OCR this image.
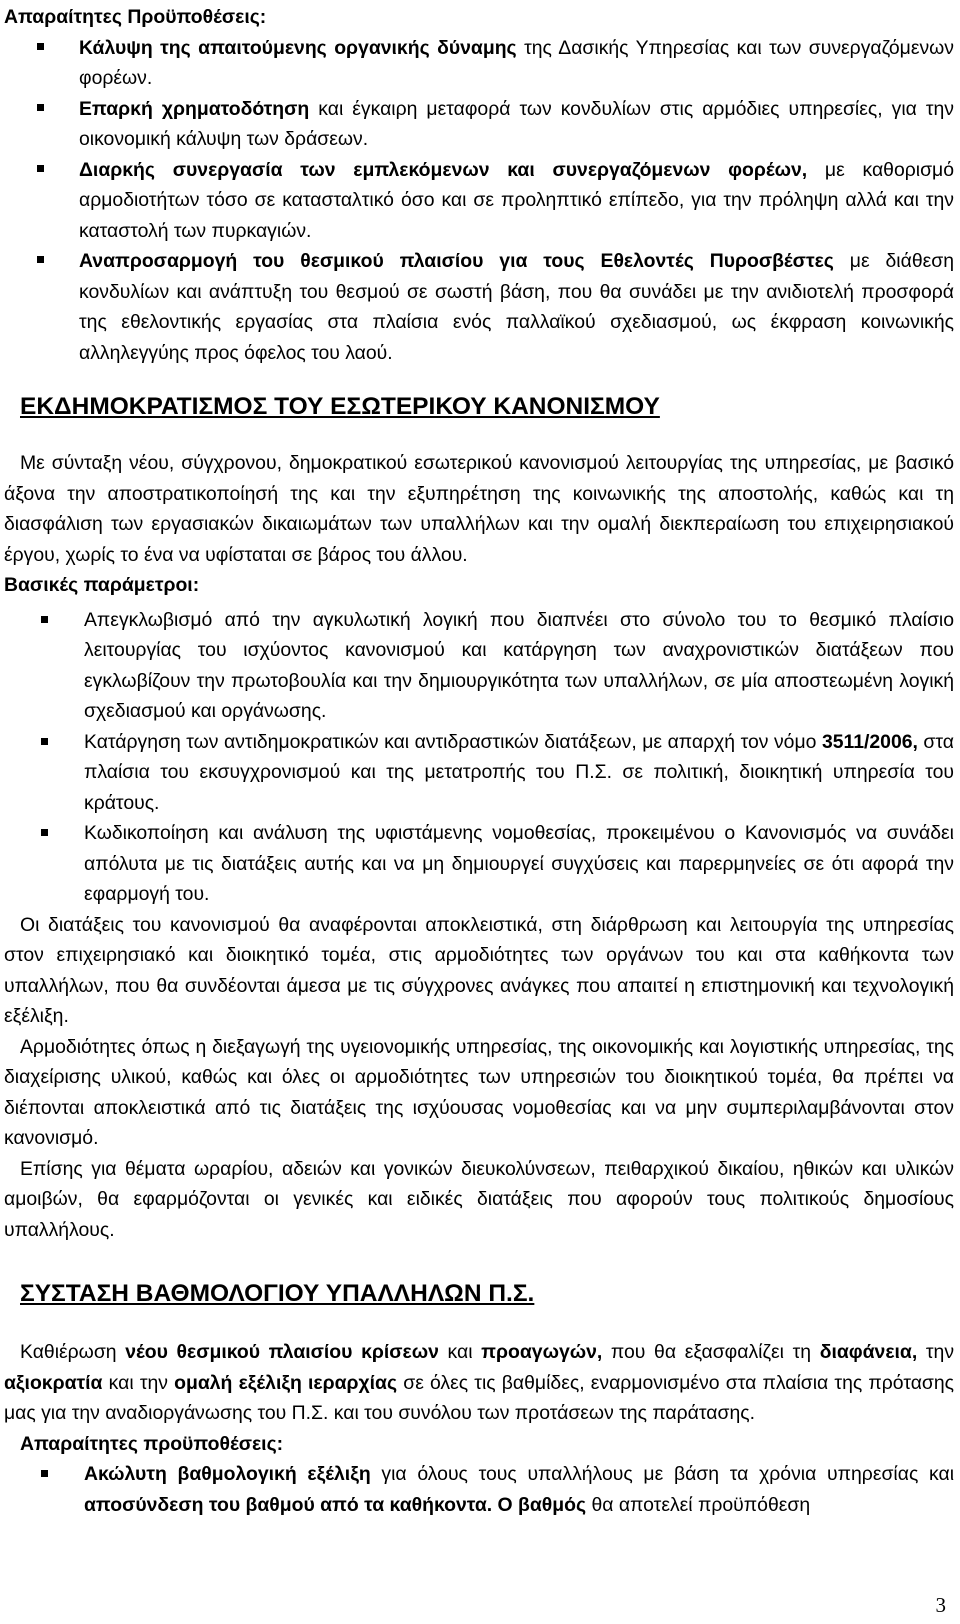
Απαραίτητες Προϋποθέσεις:
Κάλυψη της απαιτούμενης οργανικής δύναμης της Δασικής Υπηρεσίας και των συνεργαζόμενων φορέων.
Επαρκή χρηματοδότηση και έγκαιρη μεταφορά των κονδυλίων στις αρμόδιες υπηρεσίες, για την οικονομική κάλυψη των δράσεων.
Διαρκής συνεργασία των εμπλεκόμενων και συνεργαζόμενων φορέων, με καθορισμό αρμοδιοτήτων τόσο σε κατασταλτικό όσο και σε προληπτικό επίπεδο, για την πρόληψη αλλά και την καταστολή των πυρκαγιών.
Αναπροσαρμογή του θεσμικού πλαισίου για τους Εθελοντές Πυροσβέστες με διάθεση κονδυλίων και ανάπτυξη του θεσμού σε σωστή βάση, που θα συνάδει με την ανιδιοτελή προσφορά της εθελοντικής εργασίας στα πλαίσια ενός παλλαϊκού σχεδιασμού, ως έκφραση κοινωνικής αλληλεγγύης προς όφελος του λαού.

ΕΚΔΗΜΟΚΡΑΤΙΣΜΟΣ ΤΟΥ ΕΣΩΤΕΡΙΚΟΥ ΚΑΝΟΝΙΣΜΟΥ

Με σύνταξη νέου, σύγχρονου, δημοκρατικού εσωτερικού κανονισμού λειτουργίας της υπηρεσίας, με βασικό άξονα την αποστρατικοποίησή της και την εξυπηρέτηση της κοινωνικής της αποστολής, καθώς και τη διασφάλιση των εργασιακών δικαιωμάτων των υπαλλήλων και την ομαλή διεκπεραίωση του επιχειρησιακού έργου, χωρίς το ένα να υφίσταται σε βάρος του άλλου.

Βασικές παράμετροι:
Απεγκλωβισμό από την αγκυλωτική λογική που διαπνέει στο σύνολο του το θεσμικό πλαίσιο λειτουργίας του ισχύοντος κανονισμού και κατάργηση των αναχρονιστικών διατάξεων που εγκλωβίζουν την πρωτοβουλία και την δημιουργικότητα των υπαλλήλων, σε μία αποστεωμένη λογική σχεδιασμού και οργάνωσης.
Κατάργηση των αντιδημοκρατικών και αντιδραστικών διατάξεων, με απαρχή τον νόμο 3511/2006, στα πλαίσια του εκσυγχρονισμού και της μετατροπής του Π.Σ. σε πολιτική, διοικητική υπηρεσία του κράτους.
Κωδικοποίηση και ανάλυση της υφιστάμενης νομοθεσίας, προκειμένου ο Κανονισμός να συνάδει απόλυτα με τις διατάξεις αυτής και να μη δημιουργεί συγχύσεις και παρερμηνείες σε ότι αφορά την εφαρμογή του.

Οι διατάξεις του κανονισμού θα αναφέρονται αποκλειστικά, στη διάρθρωση και λειτουργία της υπηρεσίας στον επιχειρησιακό και διοικητικό τομέα, στις αρμοδιότητες των οργάνων του και στα καθήκοντα των υπαλλήλων, που θα συνδέονται άμεσα με τις σύγχρονες ανάγκες που απαιτεί η επιστημονική και τεχνολογική εξέλιξη.

Αρμοδιότητες όπως η διεξαγωγή της υγειονομικής υπηρεσίας, της οικονομικής και λογιστικής υπηρεσίας, της διαχείρισης υλικού, καθώς και όλες οι αρμοδιότητες των υπηρεσιών του διοικητικού τομέα, θα πρέπει να διέπονται αποκλειστικά από τις διατάξεις της ισχύουσας νομοθεσίας και να μην συμπεριλαμβάνονται στον κανονισμό.

Επίσης για θέματα ωραρίου, αδειών και γονικών διευκολύνσεων, πειθαρχικού δικαίου, ηθικών και υλικών αμοιβών, θα εφαρμόζονται οι γενικές και ειδικές διατάξεις που αφορούν τους πολιτικούς δημοσίους υπαλλήλους.

ΣΥΣΤΑΣΗ ΒΑΘΜΟΛΟΓΙΟΥ ΥΠΑΛΛΗΛΩΝ Π.Σ.

Καθιέρωση νέου θεσμικού πλαισίου κρίσεων και προαγωγών, που θα εξασφαλίζει τη διαφάνεια, την αξιοκρατία και την ομαλή εξέλιξη ιεραρχίας σε όλες τις βαθμίδες, εναρμονισμένο στα πλαίσια της πρότασης μας για την αναδιοργάνωσης του Π.Σ. και του συνόλου των προτάσεων της παράτασης.

Απαραίτητες προϋποθέσεις:
Ακώλυτη βαθμολογική εξέλιξη για όλους τους υπαλλήλους με βάση τα χρόνια υπηρεσίας και αποσύνδεση του βαθμού από τα καθήκοντα. Ο βαθμός θα αποτελεί προϋπόθεση
3
